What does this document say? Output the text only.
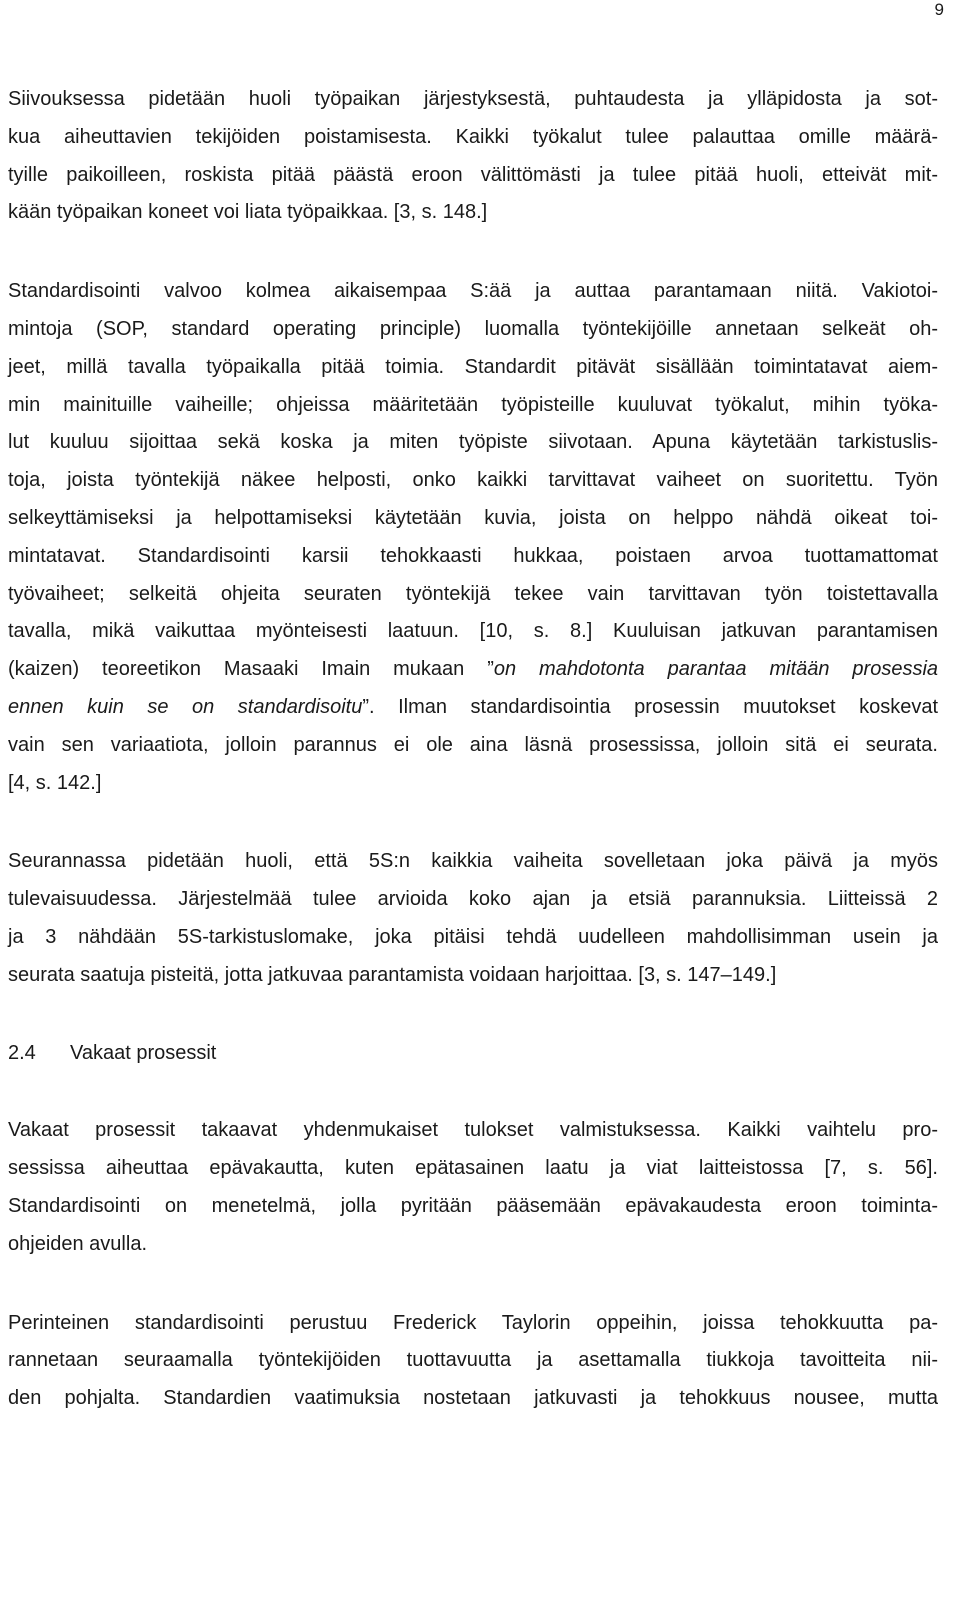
9

Siivouksessa pidetään huoli työpaikan järjestyksestä, puhtaudesta ja ylläpidosta ja sot-
kua aiheuttavien tekijöiden poistamisesta. Kaikki työkalut tulee palauttaa omille määrä-
tyille paikoilleen, roskista pitää päästä eroon välittömästi ja tulee pitää huoli, etteivät mit-
kään työpaikan koneet voi liata työpaikkaa. [3, s. 148.]

Standardisointi valvoo kolmea aikaisempaa S:ää ja auttaa parantamaan niitä. Vakiotoi-
mintoja (SOP, standard operating principle) luomalla työntekijöille annetaan selkeät oh-
jeet, millä tavalla työpaikalla pitää toimia. Standardit pitävät sisällään toimintatavat aiem-
min mainituille vaiheille; ohjeissa määritetään työpisteille kuuluvat työkalut, mihin työka-
lut kuuluu sijoittaa sekä koska ja miten työpiste siivotaan. Apuna käytetään tarkistuslis-
toja, joista työntekijä näkee helposti, onko kaikki tarvittavat vaiheet on suoritettu. Työn
selkeyttämiseksi ja helpottamiseksi käytetään kuvia, joista on helppo nähdä oikeat toi-
mintatavat. Standardisointi karsii tehokkaasti hukkaa, poistaen arvoa tuottamattomat
työvaiheet; selkeitä ohjeita seuraten työntekijä tekee vain tarvittavan työn toistettavalla
tavalla, mikä vaikuttaa myönteisesti laatuun. [10, s. 8.] Kuuluisan jatkuvan parantamisen
(kaizen) teoreetikon Masaaki Imain mukaan ”on mahdotonta parantaa mitään prosessia
ennen kuin se on standardisoitu”. Ilman standardisointia prosessin muutokset koskevat
vain sen variaatiota, jolloin parannus ei ole aina läsnä prosessissa, jolloin sitä ei seurata.
[4, s. 142.]

Seurannassa pidetään huoli, että 5S:n kaikkia vaiheita sovelletaan joka päivä ja myös
tulevaisuudessa. Järjestelmää tulee arvioida koko ajan ja etsiä parannuksia. Liitteissä 2
ja 3 nähdään 5S-tarkistuslomake, joka pitäisi tehdä uudelleen mahdollisimman usein ja
seurata saatuja pisteitä, jotta jatkuvaa parantamista voidaan harjoittaa. [3, s. 147–149.]

2.4	Vakaat prosessit

Vakaat prosessit takaavat yhdenmukaiset tulokset valmistuksessa. Kaikki vaihtelu pro-
sessissa aiheuttaa epävakautta, kuten epätasainen laatu ja viat laitteistossa [7, s. 56].
Standardisointi on menetelmä, jolla pyritään pääsemään epävakaudesta eroon toiminta-
ohjeiden avulla.

Perinteinen standardisointi perustuu Frederick Taylorin oppeihin, joissa tehokkuutta pa-
rannetaan seuraamalla työntekijöiden tuottavuutta ja asettamalla tiukkoja tavoitteita nii-
den pohjalta. Standardien vaatimuksia nostetaan jatkuvasti ja tehokkuus nousee, mutta
